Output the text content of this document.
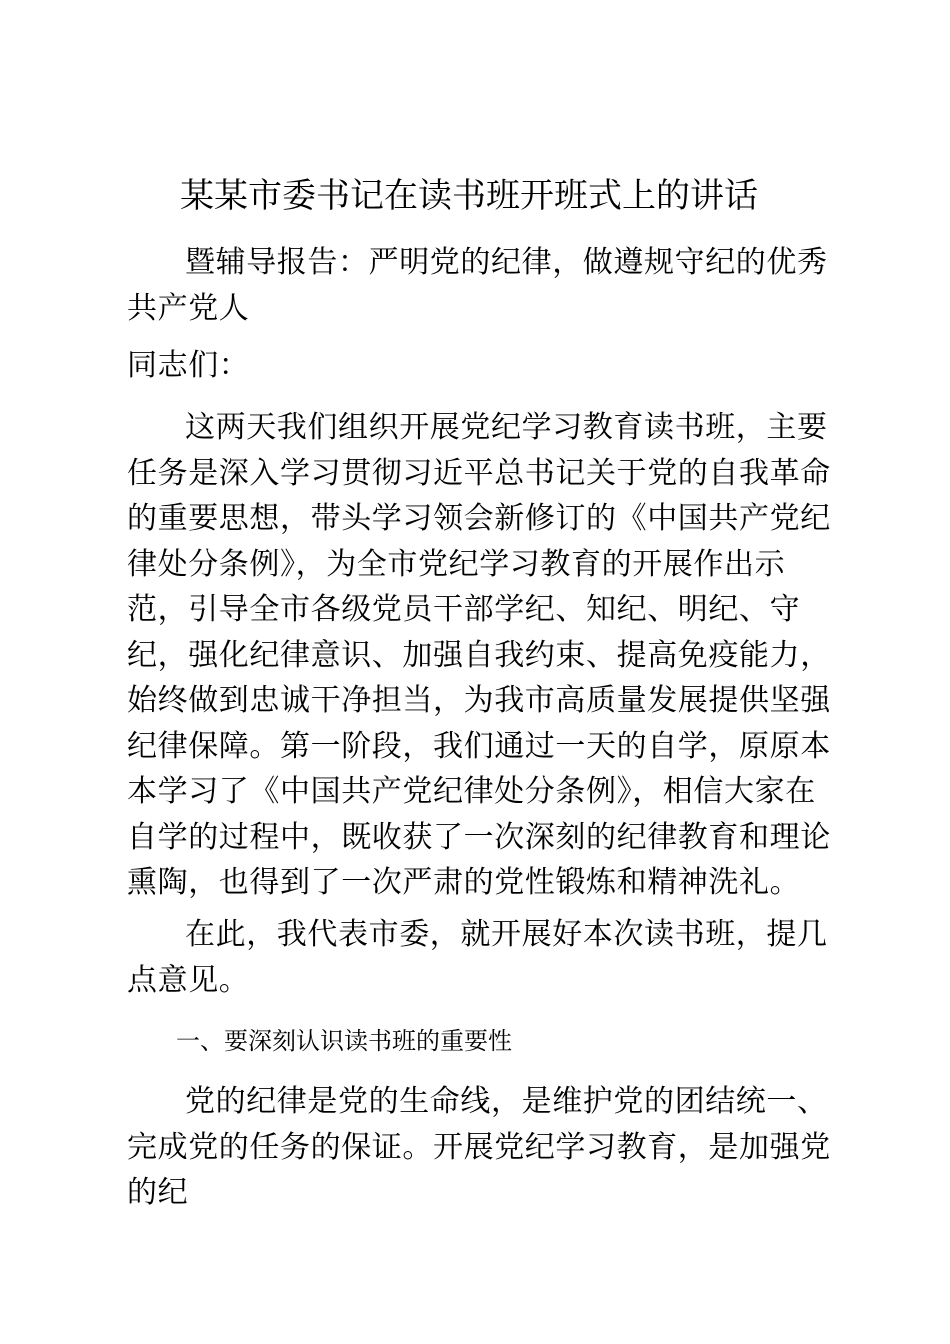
某某市委书记在读书班开班式上的讲话

暨辅导报告：严明党的纪律，做遵规守纪的优秀共产党人

同志们：

这两天我们组织开展党纪学习教育读书班，主要任务是深入学习贯彻习近平总书记关于党的自我革命的重要思想，带头学习领会新修订的《中国共产党纪律处分条例》，为全市党纪学习教育的开展作出示范，引导全市各级党员干部学纪、知纪、明纪、守纪，强化纪律意识、加强自我约束、提高免疫能力，始终做到忠诚干净担当，为我市高质量发展提供坚强纪律保障。第一阶段，我们通过一天的自学，原原本本学习了《中国共产党纪律处分条例》，相信大家在自学的过程中，既收获了一次深刻的纪律教育和理论熏陶，也得到了一次严肃的党性锻炼和精神洗礼。

在此，我代表市委，就开展好本次读书班，提几点意见。

一、要深刻认识读书班的重要性

党的纪律是党的生命线，是维护党的团结统一、完成党的任务的保证。开展党纪学习教育，是加强党的纪
